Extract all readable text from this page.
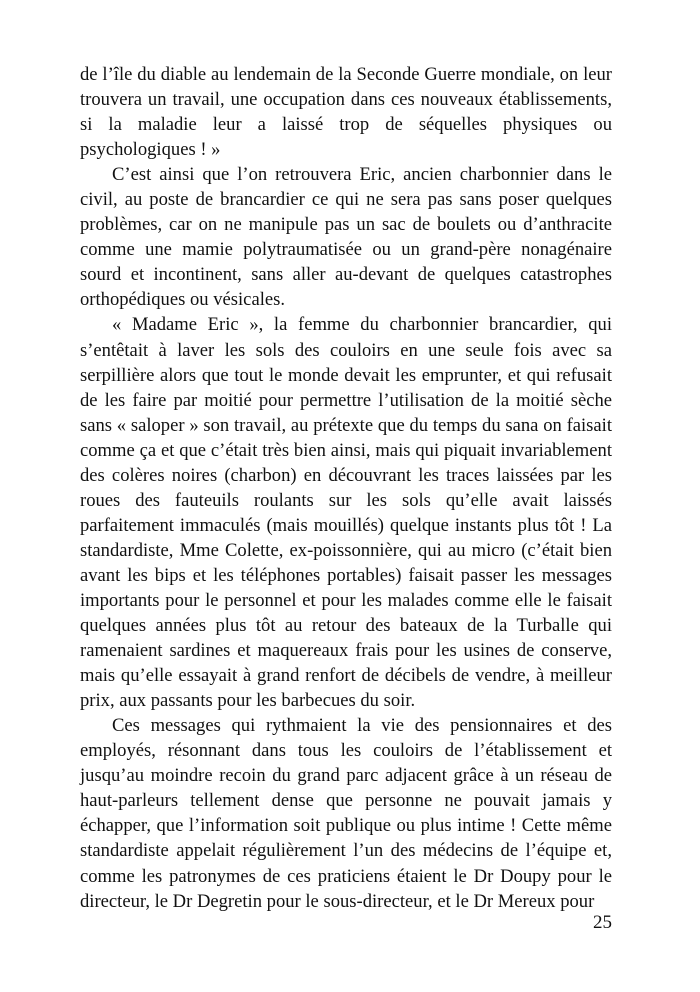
de l’île du diable au lendemain de la Seconde Guerre mondiale, on leur trouvera un travail, une occupation dans ces nouveaux établissements, si la maladie leur a laissé trop de séquelles physiques ou psychologiques ! »

C’est ainsi que l’on retrouvera Eric, ancien charbonnier dans le civil, au poste de brancardier ce qui ne sera pas sans poser quelques problèmes, car on ne manipule pas un sac de boulets ou d’anthracite comme une mamie polytraumatisée ou un grand-père nonagénaire sourd et incontinent, sans aller au-devant de quelques catastrophes orthopédiques ou vésicales.

« Madame Eric », la femme du charbonnier brancardier, qui s’entêtait à laver les sols des couloirs en une seule fois avec sa serpillière alors que tout le monde devait les emprunter, et qui refusait de les faire par moitié pour permettre l’utilisation de la moitié sèche sans « saloper » son travail, au prétexte que du temps du sana on faisait comme ça et que c’était très bien ainsi, mais qui piquait invariablement des colères noires (charbon) en découvrant les traces laissées par les roues des fauteuils roulants sur les sols qu’elle avait laissés parfaitement immaculés (mais mouillés) quelque instants plus tôt ! La standardiste, Mme Colette, ex-poissonnière, qui au micro (c’était bien avant les bips et les téléphones portables) faisait passer les messages importants pour le personnel et pour les malades comme elle le faisait quelques années plus tôt au retour des bateaux de la Turballe qui ramenaient sardines et maquereaux frais pour les usines de conserve, mais qu’elle essayait à grand renfort de décibels de vendre, à meilleur prix, aux passants pour les barbecues du soir.

Ces messages qui rythmaient la vie des pensionnaires et des employés, résonnant dans tous les couloirs de l’établissement et jusqu’au moindre recoin du grand parc adjacent grâce à un réseau de haut-parleurs tellement dense que personne ne pouvait jamais y échapper, que l’information soit publique ou plus intime ! Cette même standardiste appelait régulièrement l’un des médecins de l’équipe et, comme les patronymes de ces praticiens étaient le Dr Doupy pour le directeur, le Dr Degretin pour le sous-directeur, et le Dr Mereux pour

25
